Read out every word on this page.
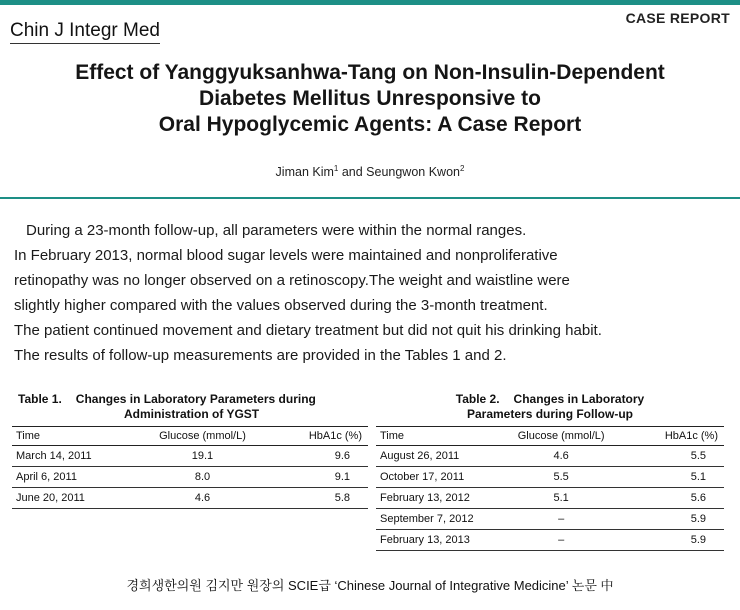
Chin J Integr Med
CASE REPORT
Effect of Yanggyuksanhwa-Tang on Non-Insulin-Dependent
Diabetes Mellitus Unresponsive to
Oral Hypoglycemic Agents: A Case Report
Jiman Kim$^1$ and Seungwon Kwon$^2$

During a 23-month follow-up, all parameters were within the normal ranges.

In February 2013, normal blood sugar levels were maintained and nonproliferative

retinopathy was no longer observed on a retinoscopy.The weight and waistline were

slightly higher compared with the values observed during the 3-month treatment.

The patient continued movement and dietary treatment but did not quit his drinking habit.

The results of follow-up measurements are provided in the Tables 1 and 2.

Table 1. Changes in Laboratory Parameters during
Administration of YGST
Time	Glucose (mmol/L)	HbA1c (%)
March 14, 2011	19.1	9.6
April 6, 2011	8.0	9.1
June 20, 2011	4.6	5.8
Table 2. Changes in Laboratory
Parameters during Follow-up
Time	Glucose (mmol/L)	HbA1c (%)
August 26, 2011	4.6	5.5
October 17, 2011	5.5	5.1
February 13, 2012	5.1	5.6
September 7, 2012	–	5.9
February 13, 2013	–	5.9
경희생한의원 김지만 원장의 SCIE급 ‘Chinese Journal of Integrative Medicine’ 논문 中
